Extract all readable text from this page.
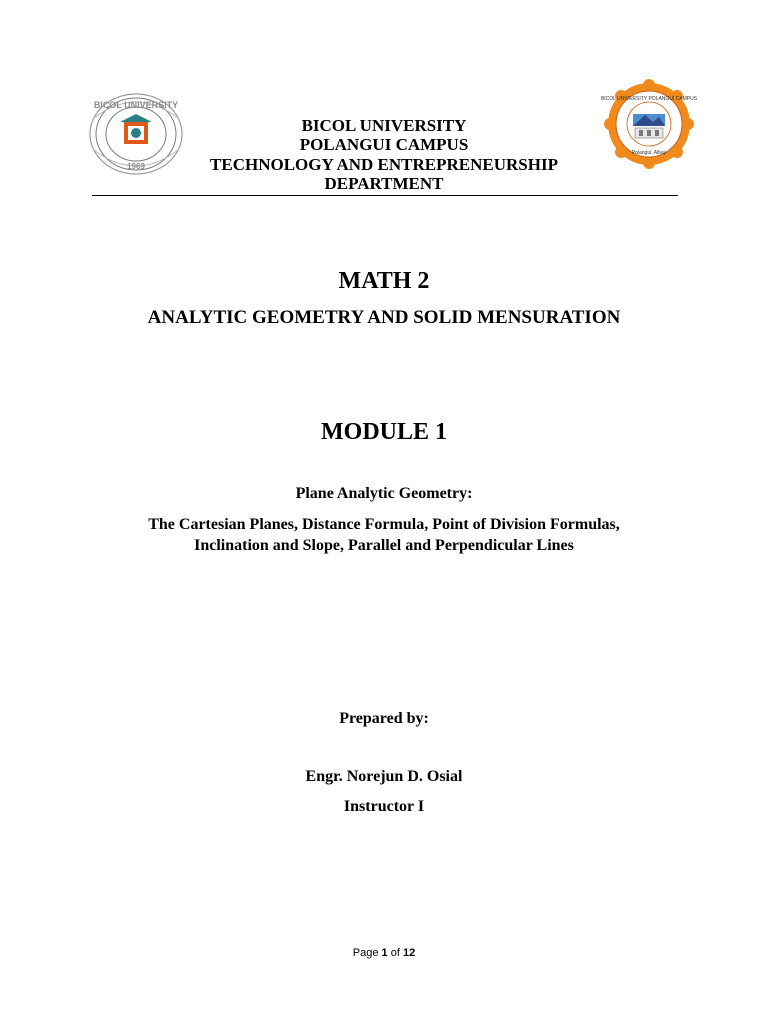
BICOL UNIVERSITY
1969
BICOL UNIVERSITY POLANGUI CAMPUS
Polangui, Albay
BICOL UNIVERSITY
POLANGUI CAMPUS
TECHNOLOGY AND ENTREPRENEURSHIP
DEPARTMENT
MATH 2
ANALYTIC GEOMETRY AND SOLID MENSURATION
MODULE 1
Plane Analytic Geometry:
The Cartesian Planes, Distance Formula, Point of Division Formulas,
Inclination and Slope, Parallel and Perpendicular Lines
Prepared by:
Engr. Norejun D. Osial
Instructor I
Page 1 of 12
